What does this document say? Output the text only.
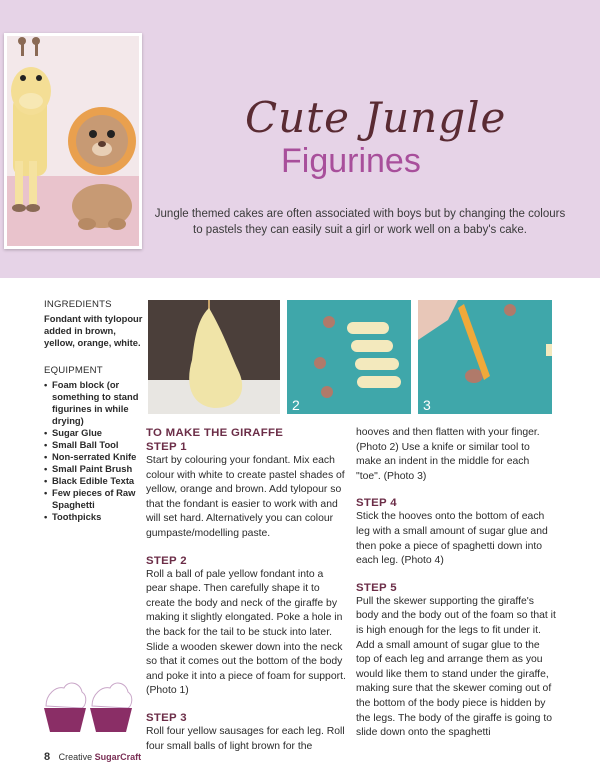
Cute Jungle
Figurines
Jungle themed cakes are often associated with boys but by changing the colours to pastels they can easily suit a girl or work well on a baby's cake.
INGREDIENTS

Fondant with tylopour added in brown, yellow, orange, white.

EQUIPMENT
• Foam block (or something to stand figurines in while drying)
• Sugar Glue
• Small Ball Tool
• Non-serrated Knife
• Small Paint Brush
• Black Edible Texta
• Few pieces of Raw Spaghetti
• Toothpicks
2	3
TO MAKE THE GIRAFFE
STEP 1

Start by colouring your fondant. Mix each colour with white to create pastel shades of yellow, orange and brown. Add tylopour so that the fondant is easier to work with and will set hard. Alternatively you can colour gumpaste/modelling paste.

STEP 2

Roll a ball of pale yellow fondant into a pear shape. Then carefully shape it to create the body and neck of the giraffe by making it slightly elongated. Poke a hole in the back for the tail to be stuck into later. Slide a wooden skewer down into the neck so that it comes out the bottom of the body and poke it into a piece of foam for support. (Photo 1)

STEP 3

Roll four yellow sausages for each leg. Roll four small balls of light brown for the

hooves and then flatten with your finger. (Photo 2) Use a knife or similar tool to make an indent in the middle for each "toe". (Photo 3)

STEP 4

Stick the hooves onto the bottom of each leg with a small amount of sugar glue and then poke a piece of spaghetti down into each leg. (Photo 4)

STEP 5

Pull the skewer supporting the giraffe's body and the body out of the foam so that it is high enough for the legs to fit under it. Add a small amount of sugar glue to the top of each leg and arrange them as you would like them to stand under the giraffe, making sure that the skewer coming out of the bottom of the body piece is hidden by the legs. The body of the giraffe is going to slide down onto the spaghetti

8 Creative SugarCraft
